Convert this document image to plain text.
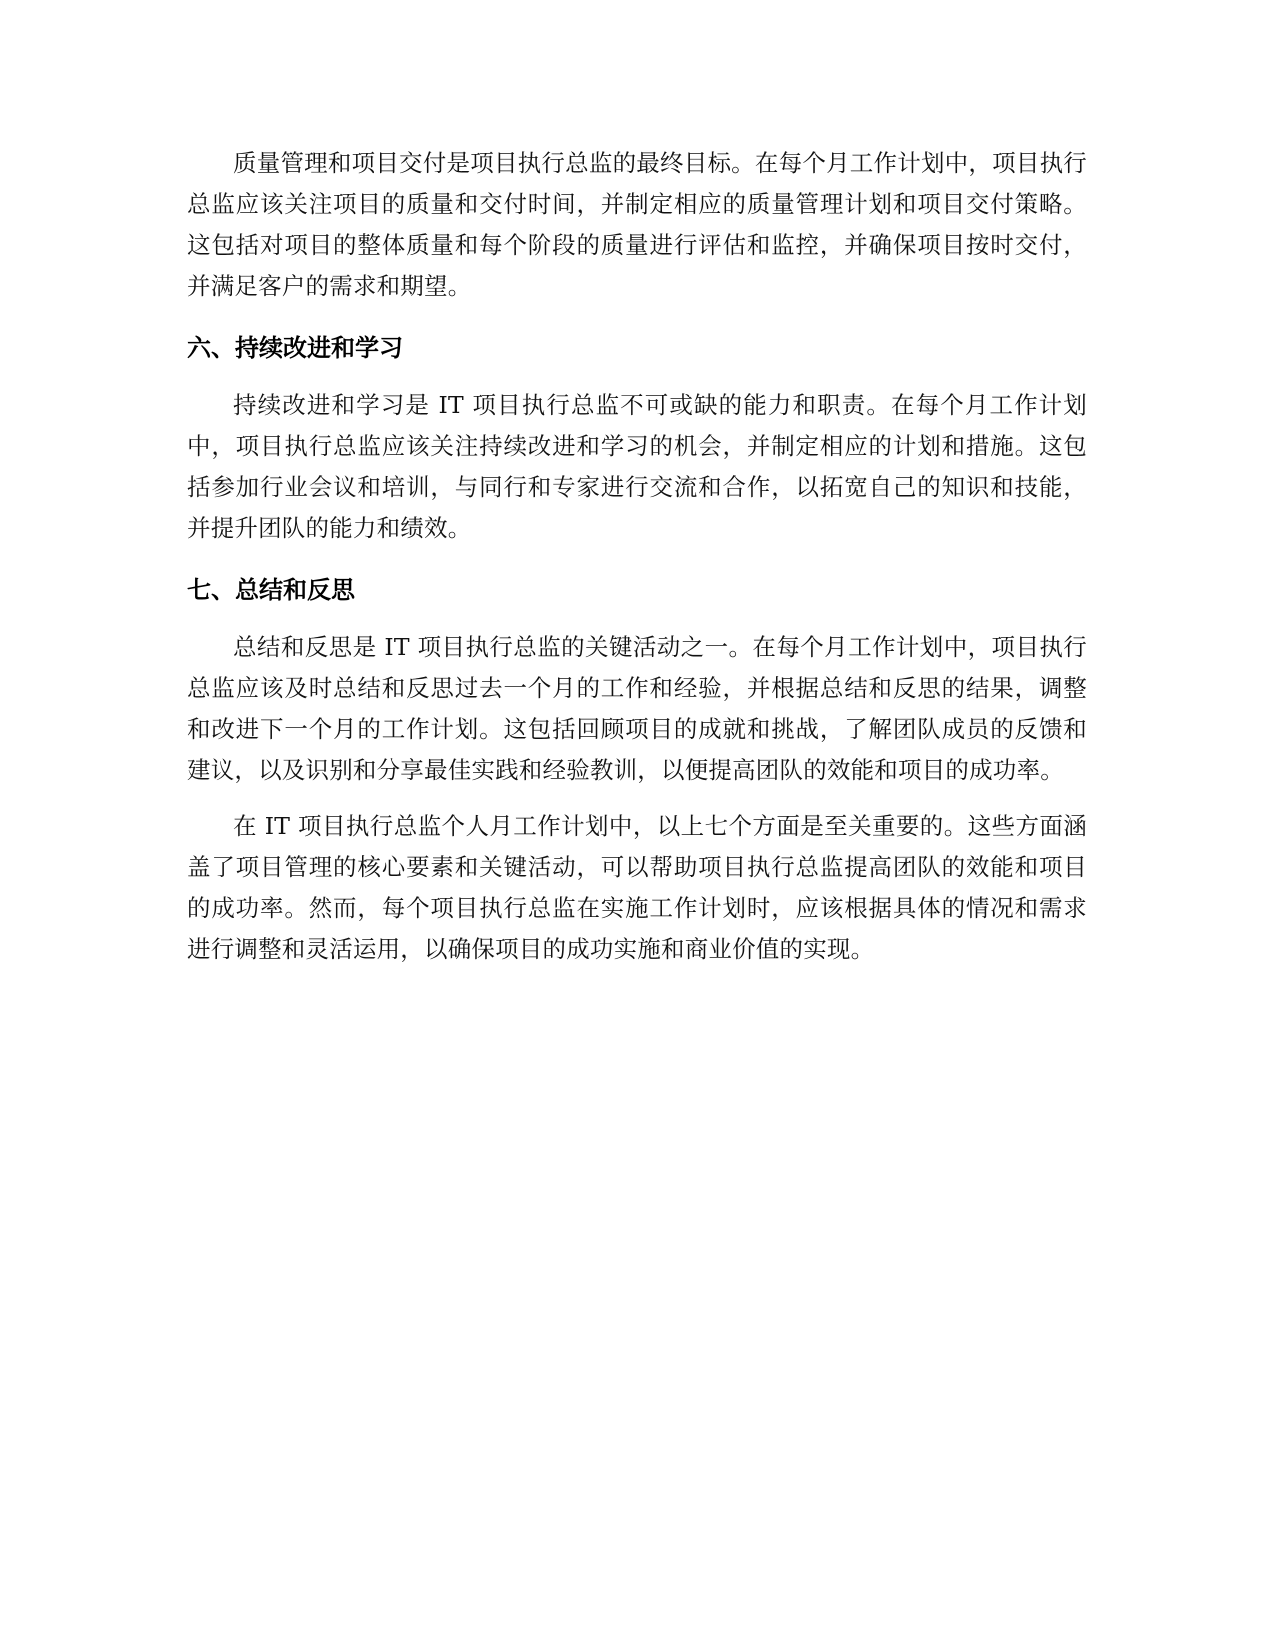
质量管理和项目交付是项目执行总监的最终目标。在每个月工作计划中，项目执行总监应该关注项目的质量和交付时间，并制定相应的质量管理计划和项目交付策略。这包括对项目的整体质量和每个阶段的质量进行评估和监控，并确保项目按时交付，并满足客户的需求和期望。

六、持续改进和学习

持续改进和学习是 IT 项目执行总监不可或缺的能力和职责。在每个月工作计划中，项目执行总监应该关注持续改进和学习的机会，并制定相应的计划和措施。这包括参加行业会议和培训，与同行和专家进行交流和合作，以拓宽自己的知识和技能，并提升团队的能力和绩效。

七、总结和反思

总结和反思是 IT 项目执行总监的关键活动之一。在每个月工作计划中，项目执行总监应该及时总结和反思过去一个月的工作和经验，并根据总结和反思的结果，调整和改进下一个月的工作计划。这包括回顾项目的成就和挑战，了解团队成员的反馈和建议，以及识别和分享最佳实践和经验教训，以便提高团队的效能和项目的成功率。

在 IT 项目执行总监个人月工作计划中，以上七个方面是至关重要的。这些方面涵盖了项目管理的核心要素和关键活动，可以帮助项目执行总监提高团队的效能和项目的成功率。然而，每个项目执行总监在实施工作计划时，应该根据具体的情况和需求进行调整和灵活运用，以确保项目的成功实施和商业价值的实现。
